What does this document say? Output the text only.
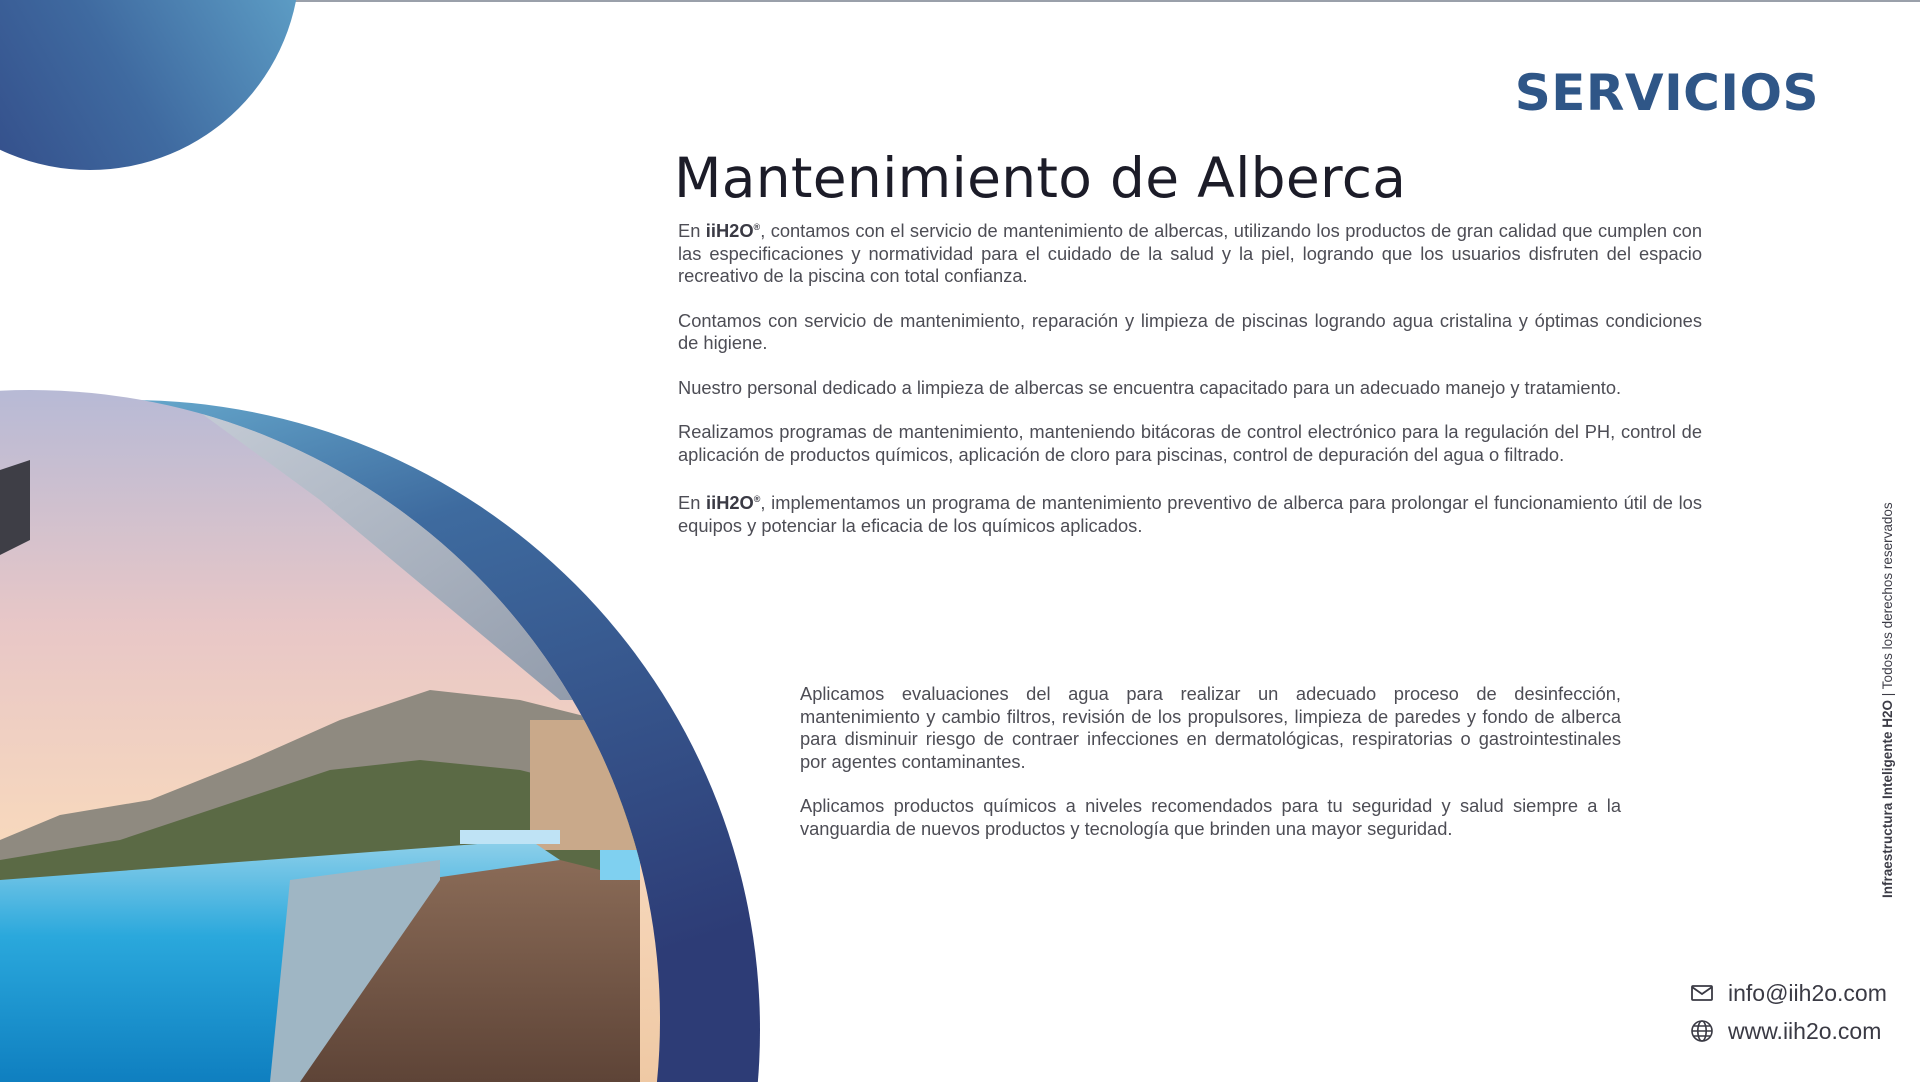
SERVICIOS
Mantenimiento de Alberca

En iiH2O®, contamos con el servicio de mantenimiento de albercas, utilizando los productos de gran calidad que cumplen con las especificaciones y normatividad para el cuidado de la salud y la piel, logrando que los usuarios disfruten del espacio recreativo de la piscina con total confianza.

Contamos con servicio de mantenimiento, reparación y limpieza de piscinas logrando agua cristalina y óptimas condiciones de higiene.

Nuestro personal dedicado a limpieza de albercas se encuentra capacitado para un adecuado manejo y tratamiento.

Realizamos programas de mantenimiento, manteniendo bitácoras de control electrónico para la regulación del PH, control de aplicación de productos químicos, aplicación de cloro para piscinas, control de depuración del agua o filtrado.

En iiH2O®, implementamos un programa de mantenimiento preventivo de alberca para prolongar el funcionamiento útil de los equipos y potenciar la eficacia de los químicos aplicados.

Aplicamos evaluaciones del agua para realizar un adecuado proceso de desinfección, mantenimiento y cambio filtros, revisión de los propulsores, limpieza de paredes y fondo de alberca para disminuir riesgo de contraer infecciones en dermatológicas, respiratorias o gastrointestinales por agentes contaminantes.

Aplicamos productos químicos a niveles recomendados para tu seguridad y salud siempre a la vanguardia de nuevos productos y tecnología que brinden una mayor seguridad.	Infraestructura Inteligente H2O | Todos los derechos reservados
info@iih2o.com
www.iih2o.com
